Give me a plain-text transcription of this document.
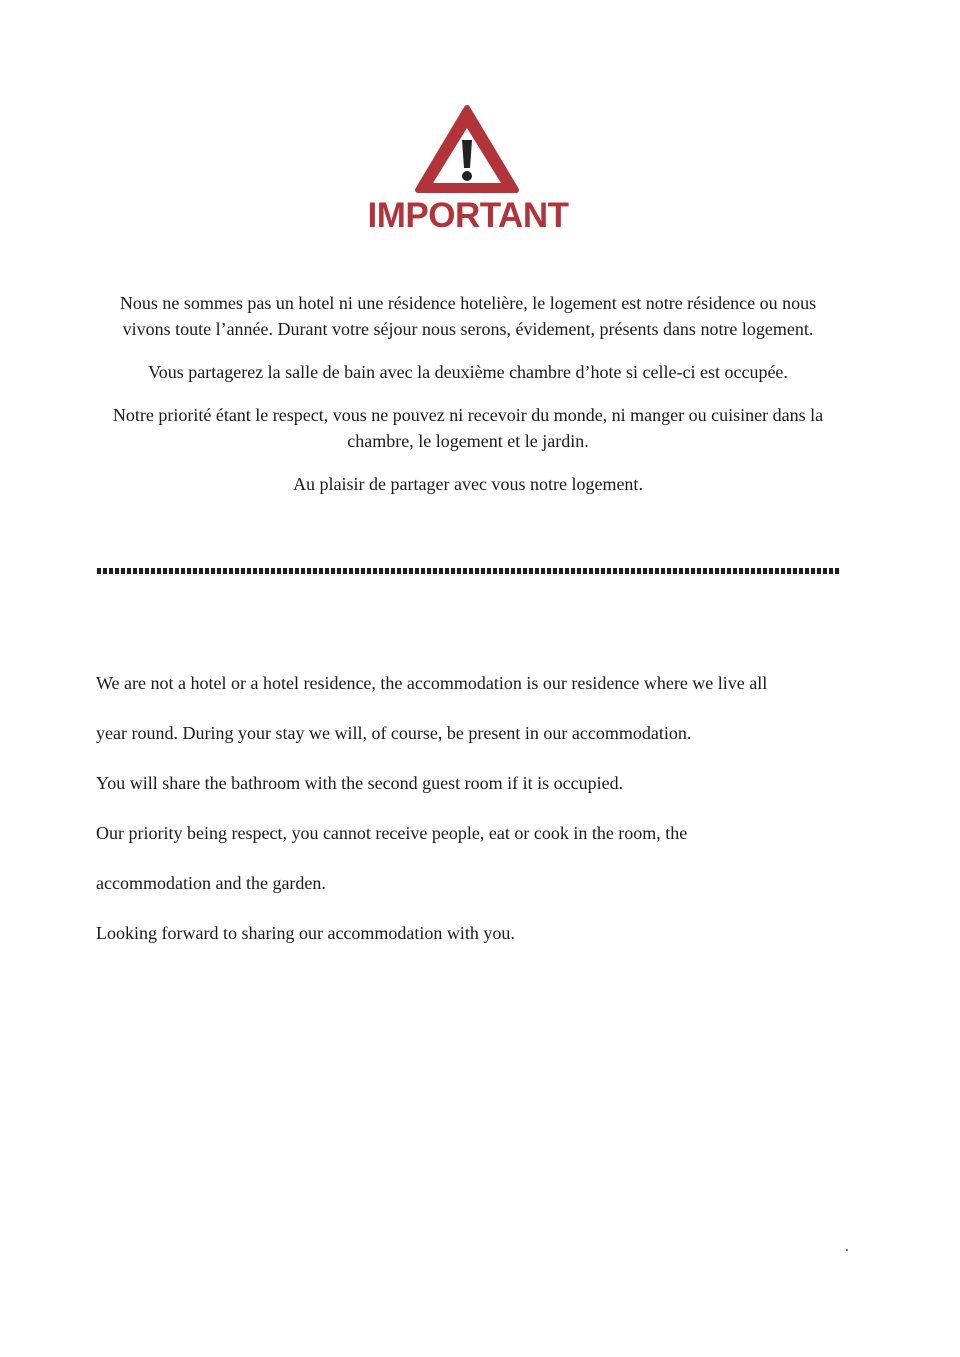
IMPORTANT

Nous ne sommes pas un hotel ni une résidence hotelière, le logement est notre résidence ou nous vivons toute l’année. Durant votre séjour nous serons, évidement, présents dans notre logement.

Vous partagerez la salle de bain avec la deuxième chambre d’hote si celle-ci est occupée.

Notre priorité étant le respect, vous ne pouvez ni recevoir du monde, ni manger ou cuisiner dans la chambre, le logement et le jardin.

Au plaisir de partager avec vous notre logement.

We are not a hotel or a hotel residence, the accommodation is our residence where we live all

year round. During your stay we will, of course, be present in our accommodation.

You will share the bathroom with the second guest room if it is occupied.

Our priority being respect, you cannot receive people, eat or cook in the room, the

accommodation and the garden.

Looking forward to sharing our accommodation with you.
